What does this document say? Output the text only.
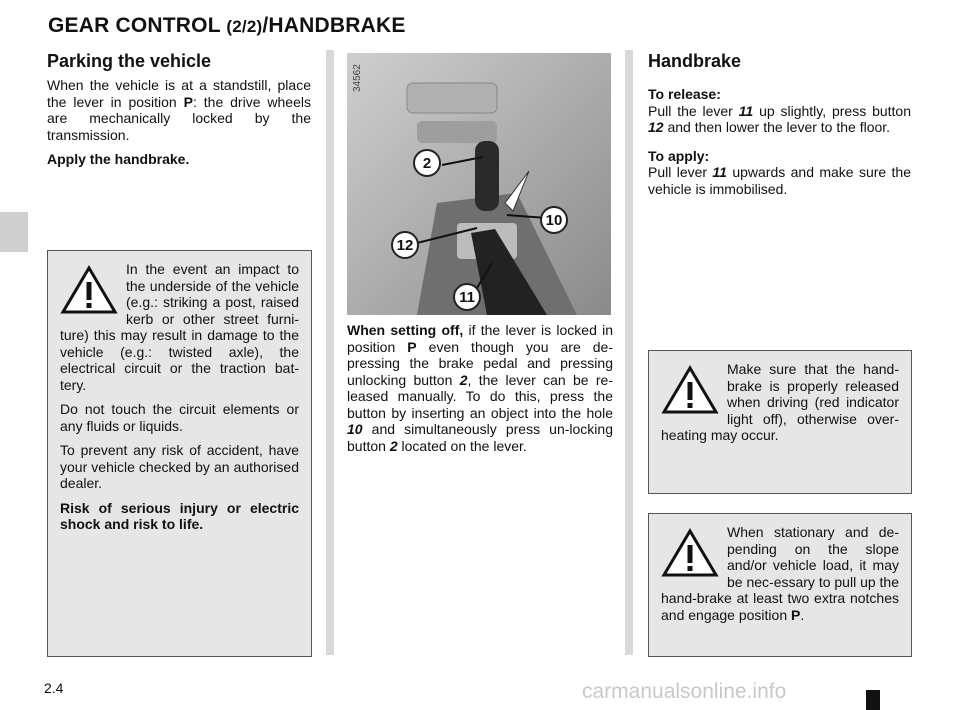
GEAR CONTROL (2/2)/HANDBRAKE
Parking the vehicle

When the vehicle is at a standstill, place the lever in position P: the drive wheels are mechanically locked by the transmission.

Apply the handbrake.

In the event an impact to the underside of the vehicle (e.g.: striking a post, raised kerb or other street furni-ture) this may result in damage to the vehicle (e.g.: twisted axle), the electrical circuit or the traction bat-tery.

Do not touch the circuit elements or any fluids or liquids.

To prevent any risk of accident, have your vehicle checked by an authorised dealer.

Risk of serious injury or electric shock and risk to life.

2
10
12
11
34562

When setting off, if the lever is locked in position P even though you are de-pressing the brake pedal and pressing unlocking button 2, the lever can be re-leased manually. To do this, press the button by inserting an object into the hole 10 and simultaneously press un-locking button 2 located on the lever.

Handbrake

To release:

Pull the lever 11 up slightly, press button 12 and then lower the lever to the floor.

To apply:

Pull lever 11 upwards and make sure the vehicle is immobilised.

Make sure that the hand-brake is properly released when driving (red indicator light off), otherwise over-heating may occur.

When stationary and de-pending on the slope and/or vehicle load, it may be nec-essary to pull up the hand-brake at least two extra notches and engage position P.

2.4	carmanualsonline.info
